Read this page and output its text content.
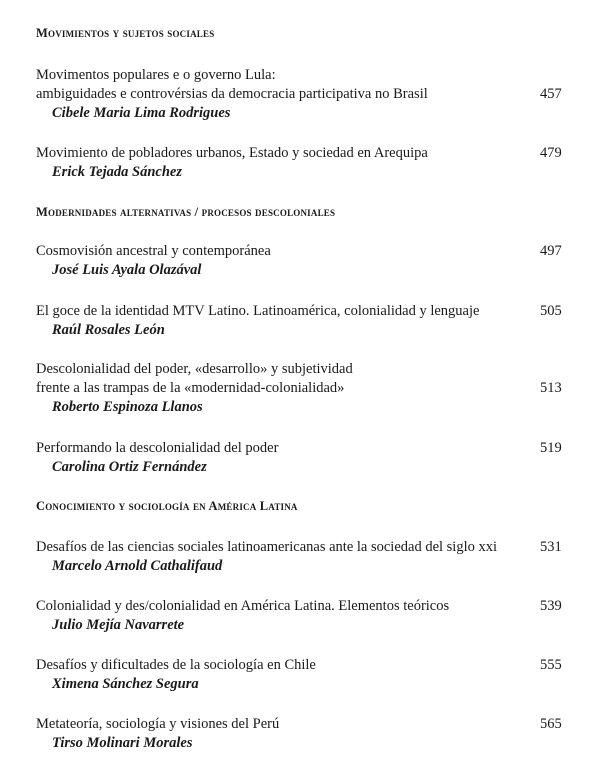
Movimientos y sujetos sociales
Movimentos populares e o governo Lula:
ambiguidades e controvérsias da democracia participativa no Brasil
Cibele Maria Lima Rodrigues
457
Movimiento de pobladores urbanos, Estado y sociedad en Arequipa
Erick Tejada Sánchez
479
Modernidades alternativas / procesos descoloniales
Cosmovisión ancestral y contemporánea
José Luis Ayala Olazával
497
El goce de la identidad MTV Latino. Latinoamérica, colonialidad y lenguaje
Raúl Rosales León
505
Descolonialidad del poder, «desarrollo» y subjetividad
frente a las trampas de la «modernidad-colonialidad»
Roberto Espinoza Llanos
513
Performando la descolonialidad del poder
Carolina Ortiz Fernández
519
Conocimiento y sociología en América Latina
Desafíos de las ciencias sociales latinoamericanas ante la sociedad del siglo xxi
Marcelo Arnold Cathalifaud
531
Colonialidad y des/colonialidad en América Latina. Elementos teóricos
Julio Mejía Navarrete
539
Desafíos y dificultades de la sociología en Chile
Ximena Sánchez Segura
555
Metateoría, sociología y visiones del Perú
Tirso Molinari Morales
565
